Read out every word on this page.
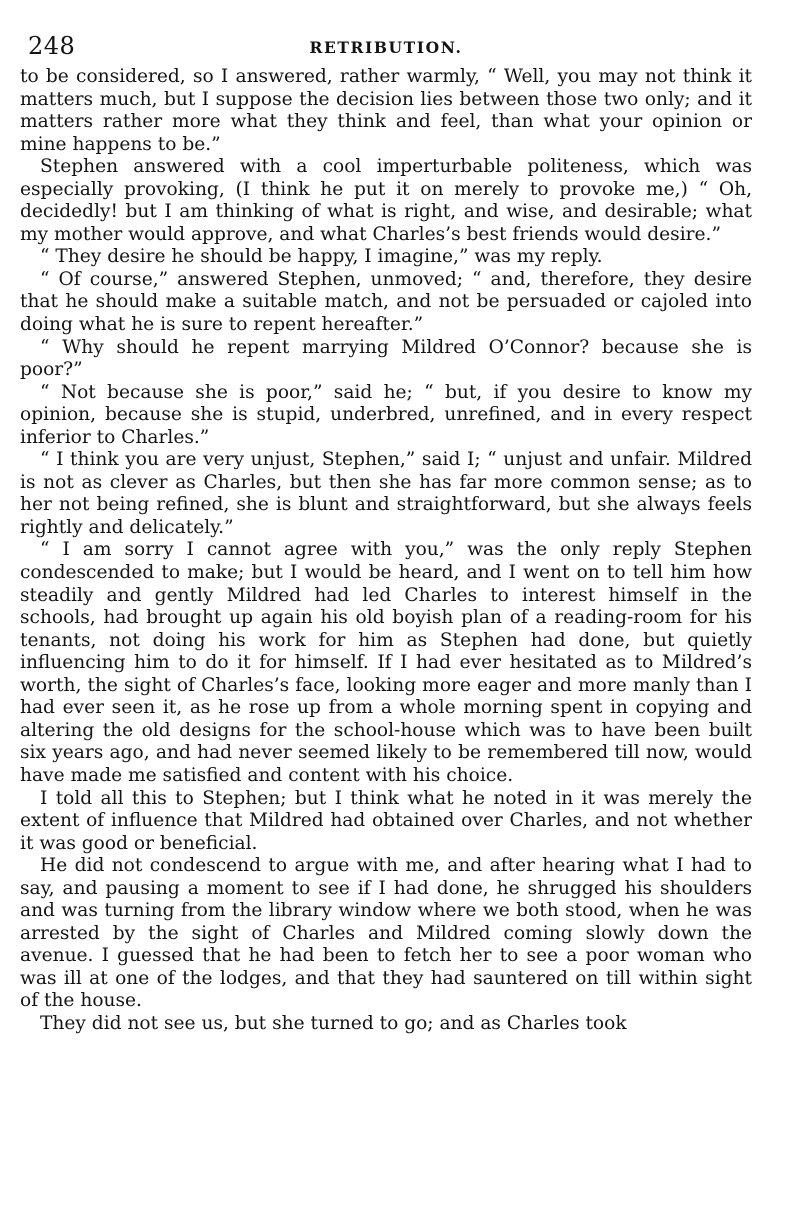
248	RETRIBUTION.

to be considered, so I answered, rather warmly, “ Well, you may not think it matters much, but I suppose the decision lies between those two only; and it matters rather more what they think and feel, than what your opinion or mine happens to be.”

Stephen answered with a cool imperturbable politeness, which was especially provoking, (I think he put it on merely to provoke me,) “ Oh, decidedly! but I am thinking of what is right, and wise, and desirable; what my mother would approve, and what Charles’s best friends would desire.”

“ They desire he should be happy, I imagine,” was my reply.

“ Of course,” answered Stephen, unmoved; “ and, therefore, they desire that he should make a suitable match, and not be persuaded or cajoled into doing what he is sure to repent hereafter.”

“ Why should he repent marrying Mildred O’Connor? because she is poor?”

“ Not because she is poor,” said he; “ but, if you desire to know my opinion, because she is stupid, underbred, unrefined, and in every respect inferior to Charles.”

“ I think you are very unjust, Stephen,” said I; “ unjust and unfair. Mildred is not as clever as Charles, but then she has far more common sense; as to her not being refined, she is blunt and straightforward, but she always feels rightly and delicately.”

“ I am sorry I cannot agree with you,” was the only reply Stephen condescended to make; but I would be heard, and I went on to tell him how steadily and gently Mildred had led Charles to interest himself in the schools, had brought up again his old boyish plan of a reading-room for his tenants, not doing his work for him as Stephen had done, but quietly influencing him to do it for himself. If I had ever hesitated as to Mildred’s worth, the sight of Charles’s face, looking more eager and more manly than I had ever seen it, as he rose up from a whole morning spent in copying and altering the old designs for the school-house which was to have been built six years ago, and had never seemed likely to be remembered till now, would have made me satisfied and content with his choice.

I told all this to Stephen; but I think what he noted in it was merely the extent of influence that Mildred had obtained over Charles, and not whether it was good or beneficial.

He did not condescend to argue with me, and after hearing what I had to say, and pausing a moment to see if I had done, he shrugged his shoulders and was turning from the library window where we both stood, when he was arrested by the sight of Charles and Mildred coming slowly down the avenue. I guessed that he had been to fetch her to see a poor woman who was ill at one of the lodges, and that they had sauntered on till within sight of the house.

They did not see us, but she turned to go; and as Charles took
